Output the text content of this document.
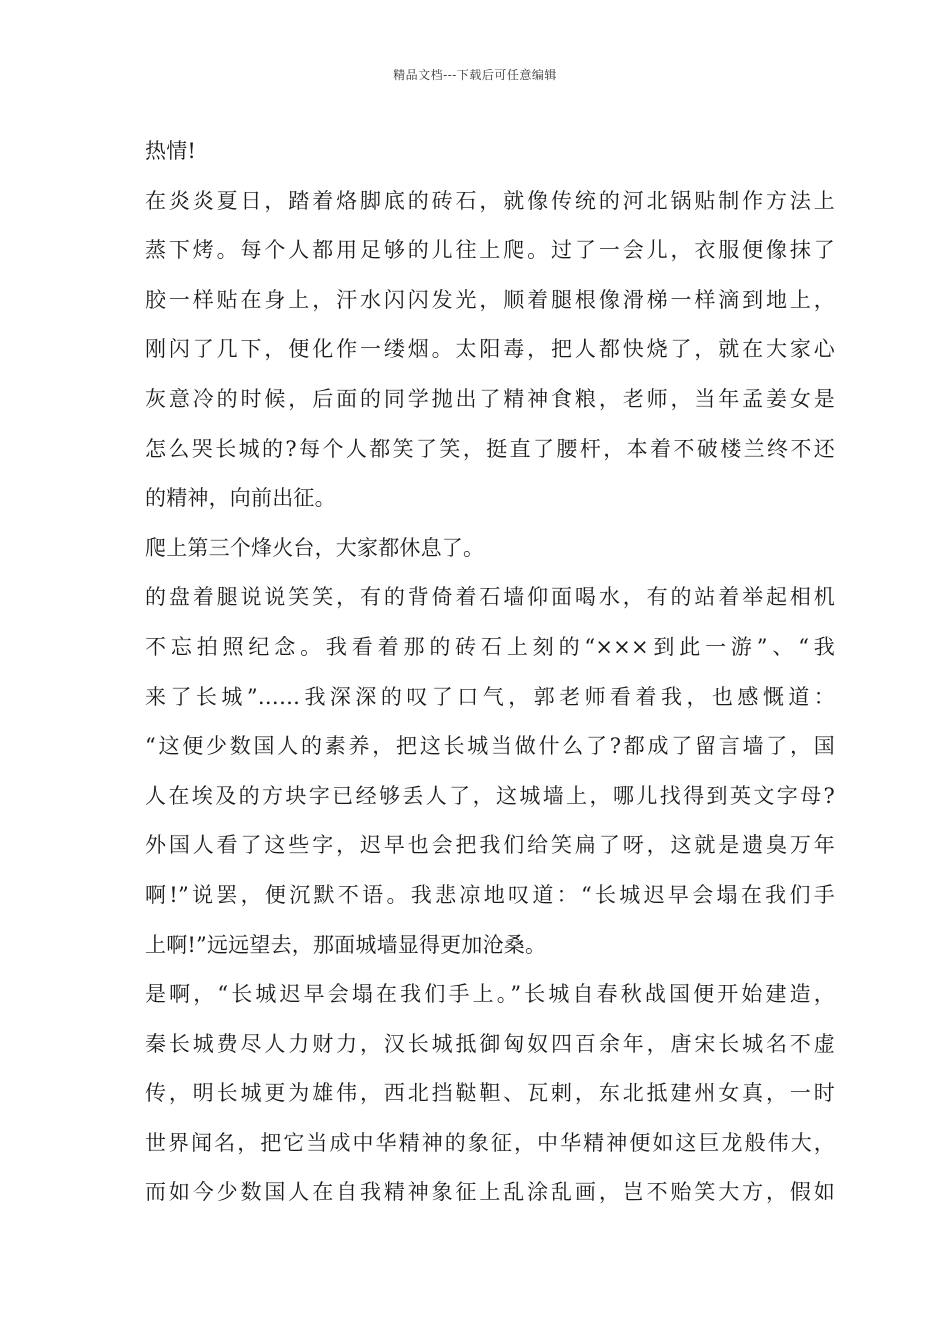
精品文档---下载后可任意编辑
热情!
在炎炎夏日，踏着烙脚底的砖石，就像传统的河北锅贴制作方法上
蒸下烤。每个人都用足够的儿往上爬。过了一会儿，衣服便像抹了
胶一样贴在身上，汗水闪闪发光，顺着腿根像滑梯一样滴到地上，
刚闪了几下，便化作一缕烟。太阳毒，把人都快烧了，就在大家心
灰意冷的时候，后面的同学抛出了精神食粮，老师，当年孟姜女是
怎么哭长城的?每个人都笑了笑，挺直了腰杆，本着不破楼兰终不还
的精神，向前出征。
爬上第三个烽火台，大家都休息了。
的盘着腿说说笑笑，有的背倚着石墙仰面喝水，有的站着举起相机
不忘拍照纪念。我看着那的砖石上刻的“×××到此一游”、“我
来了长城”……我深深的叹了口气，郭老师看着我，也感慨道：
“这便少数国人的素养，把这长城当做什么了?都成了留言墙了，国
人在埃及的方块字已经够丢人了，这城墙上，哪儿找得到英文字母?
外国人看了这些字，迟早也会把我们给笑扁了呀，这就是遗臭万年
啊!”说罢，便沉默不语。我悲凉地叹道：“长城迟早会塌在我们手
上啊!”远远望去，那面城墙显得更加沧桑。
是啊，“长城迟早会塌在我们手上。”长城自春秋战国便开始建造，
秦长城费尽人力财力，汉长城抵御匈奴四百余年，唐宋长城名不虚
传，明长城更为雄伟，西北挡鞑靼、瓦剌，东北抵建州女真，一时
世界闻名，把它当成中华精神的象征，中华精神便如这巨龙般伟大，
而如今少数国人在自我精神象征上乱涂乱画，岂不贻笑大方，假如
